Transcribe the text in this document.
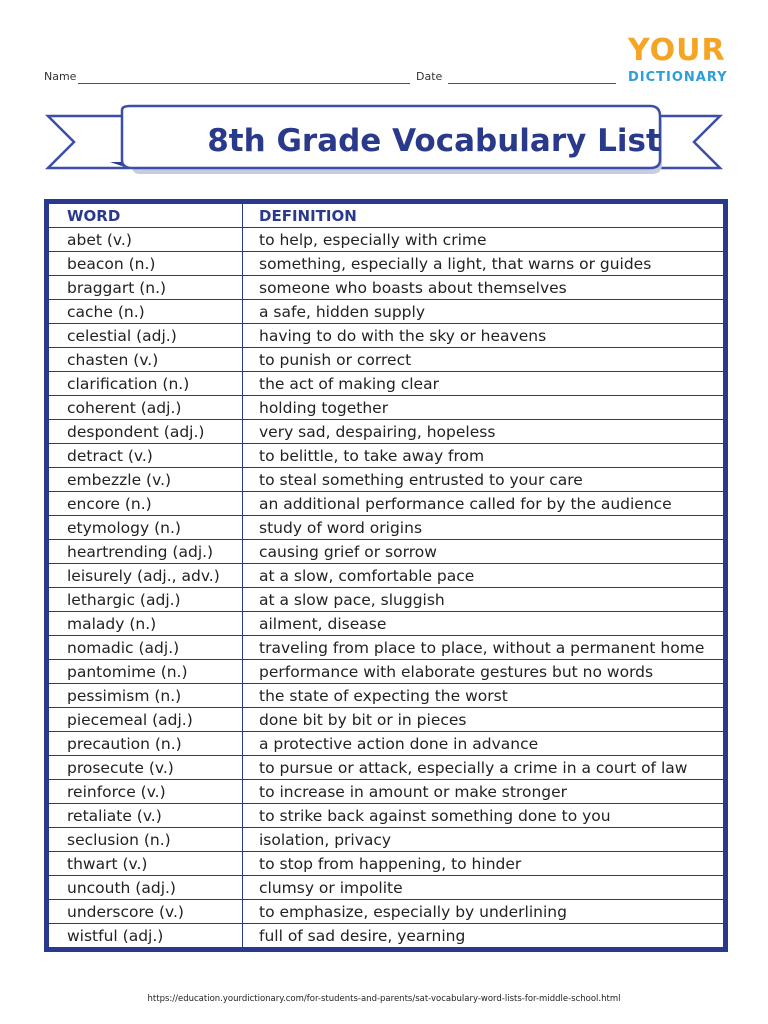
Name	Date
YOUR
DICTIONARY
8th Grade Vocabulary List
WORD	DEFINITION
abet (v.)	to help, especially with crime
beacon (n.)	something, especially a light, that warns or guides
braggart (n.)	someone who boasts about themselves
cache (n.)	a safe, hidden supply
celestial (adj.)	having to do with the sky or heavens
chasten (v.)	to punish or correct
clarification (n.)	the act of making clear
coherent (adj.)	holding together
despondent (adj.)	very sad, despairing, hopeless
detract (v.)	to belittle, to take away from
embezzle (v.)	to steal something entrusted to your care
encore (n.)	an additional performance called for by the audience
etymology (n.)	study of word origins
heartrending (adj.)	causing grief or sorrow
leisurely (adj., adv.)	at a slow, comfortable pace
lethargic (adj.)	at a slow pace, sluggish
malady (n.)	ailment, disease
nomadic (adj.)	traveling from place to place, without a permanent home
pantomime (n.)	performance with elaborate gestures but no words
pessimism (n.)	the state of expecting the worst
piecemeal (adj.)	done bit by bit or in pieces
precaution (n.)	a protective action done in advance
prosecute (v.)	to pursue or attack, especially a crime in a court of law
reinforce (v.)	to increase in amount or make stronger
retaliate (v.)	to strike back against something done to you
seclusion (n.)	isolation, privacy
thwart (v.)	to stop from happening, to hinder
uncouth (adj.)	clumsy or impolite
underscore (v.)	to emphasize, especially by underlining
wistful (adj.)	full of sad desire, yearning
https://education.yourdictionary.com/for-students-and-parents/sat-vocabulary-word-lists-for-middle-school.html
